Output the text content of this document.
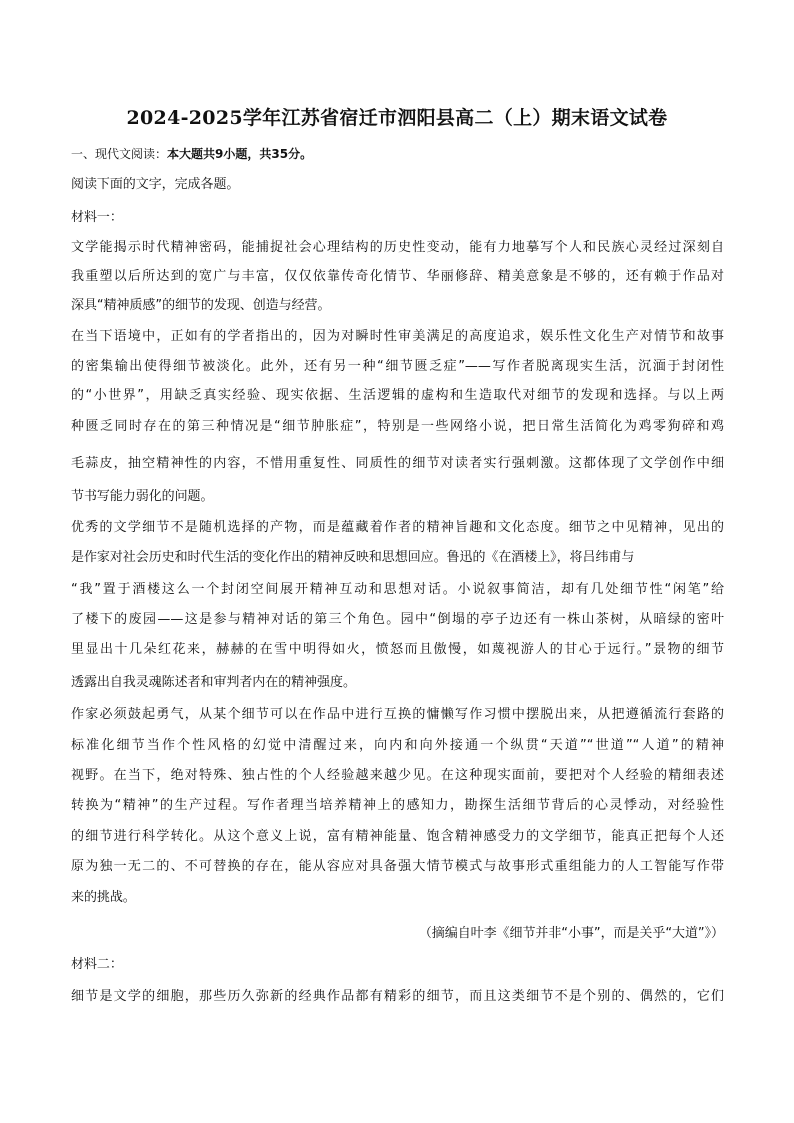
2024-2025学年江苏省宿迁市泗阳县高二（上）期末语文试卷
一、现代文阅读：本大题共9小题，共35分。
阅读下面的文字，完成各题。
材料一：
文学能揭示时代精神密码，能捕捉社会心理结构的历史性变动，能有力地摹写个人和民族心灵经过深刻自
我重塑以后所达到的宽广与丰富，仅仅依靠传奇化情节、华丽修辞、精美意象是不够的，还有赖于作品对
深具“精神质感”的细节的发现、创造与经营。
在当下语境中，正如有的学者指出的，因为对瞬时性审美满足的高度追求，娱乐性文化生产对情节和故事
的密集输出使得细节被淡化。此外，还有另一种“细节匮乏症”——写作者脱离现实生活，沉湎于封闭性
的“小世界”，用缺乏真实经验、现实依据、生活逻辑的虚构和生造取代对细节的发现和选择。与以上两
种匮乏同时存在的第三种情况是“细节肿胀症”，特别是一些网络小说，把日常生活简化为鸡零狗碎和鸡
毛蒜皮，抽空精神性的内容，不惜用重复性、同质性的细节对读者实行强刺激。这都体现了文学创作中细
节书写能力弱化的问题。
优秀的文学细节不是随机选择的产物，而是蕴藏着作者的精神旨趣和文化态度。细节之中见精神，见出的
是作家对社会历史和时代生活的变化作出的精神反映和思想回应。鲁迅的《在酒楼上》，将吕纬甫与
“我”置于酒楼这么一个封闭空间展开精神互动和思想对话。小说叙事简洁，却有几处细节性“闲笔”给
了楼下的废园——这是参与精神对话的第三个角色。园中“倒塌的亭子边还有一株山茶树，从暗绿的密叶
里显出十几朵红花来，赫赫的在雪中明得如火，愤怒而且傲慢，如蔑视游人的甘心于远行。”景物的细节
透露出自我灵魂陈述者和审判者内在的精神强度。
作家必须鼓起勇气，从某个细节可以在作品中进行互换的慵懒写作习惯中摆脱出来，从把遵循流行套路的
标准化细节当作个性风格的幻觉中清醒过来，向内和向外接通一个纵贯“天道”“世道”“人道”的精神
视野。在当下，绝对特殊、独占性的个人经验越来越少见。在这种现实面前，要把对个人经验的精细表述
转换为“精神”的生产过程。写作者理当培养精神上的感知力，勘探生活细节背后的心灵悸动，对经验性
的细节进行科学转化。从这个意义上说，富有精神能量、饱含精神感受力的文学细节，能真正把每个人还
原为独一无二的、不可替换的存在，能从容应对具备强大情节模式与故事形式重组能力的人工智能写作带
来的挑战。
（摘编自叶李《细节并非“小事”，而是关乎“大道”》）
材料二：
细节是文学的细胞，那些历久弥新的经典作品都有精彩的细节，而且这类细节不是个别的、偶然的，它们
